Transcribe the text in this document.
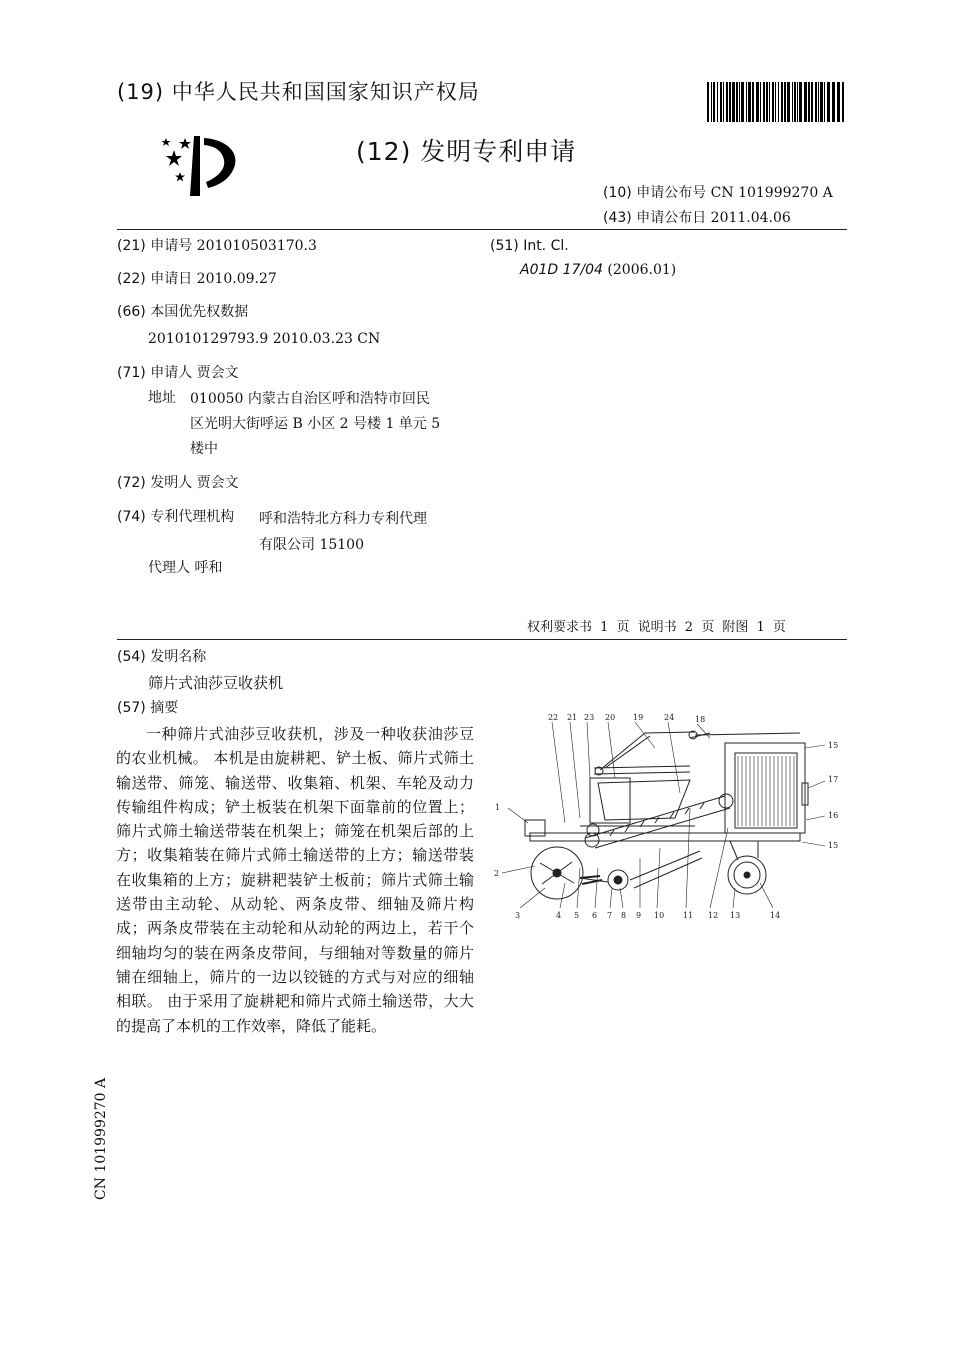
(19) 中华人民共和国国家知识产权局
(12) 发明专利申请
(10) 申请公布号 CN 101999270 A
(43) 申请公布日 2011.04.06
(21) 申请号 201010503170.3
(22) 申请日 2010.09.27
(66) 本国优先权数据
201010129793.9 2010.03.23 CN
(71) 申请人 贾会文
地址 010050 内蒙古自治区呼和浩特市回民
区光明大街呼运 B 小区 2 号楼 1 单元 5
楼中
(72) 发明人 贾会文
(74) 专利代理机构 呼和浩特北方科力专利代理
有限公司 15100
代理人 呼和
(51) Int. Cl.
A01D 17/04 (2006.01)
权利要求书 1 页 说明书 2 页 附图 1 页
(54) 发明名称
筛片式油莎豆收获机
(57) 摘要
一种筛片式油莎豆收获机，涉及一种收获油莎豆的农业机械。 本机是由旋耕耙、铲土板、筛片式筛土输送带、筛笼、输送带、收集箱、机架、车轮及动力传输组件构成；铲土板装在机架下面靠前的位置上；筛片式筛土输送带装在机架上；筛笼在机架后部的上方；收集箱装在筛片式筛土输送带的上方；输送带装在收集箱的上方；旋耕耙装铲土板前；筛片式筛土输送带由主动轮、从动轮、两条皮带、细轴及筛片构成；两条皮带装在主动轮和从动轮的两边上，若干个细轴均匀的装在两条皮带间，与细轴对等数量的筛片铺在细轴上，筛片的一边以铰链的方式与对应的细轴相联。 由于采用了旋耕耙和筛片式筛土输送带，大大的提高了本机的工作效率，降低了能耗。
CN 101999270 A
22 21 23 20 19	24	18
15
17
16
15
1
2
3	4 5 6 7 8 9 10 11 12 13	14
